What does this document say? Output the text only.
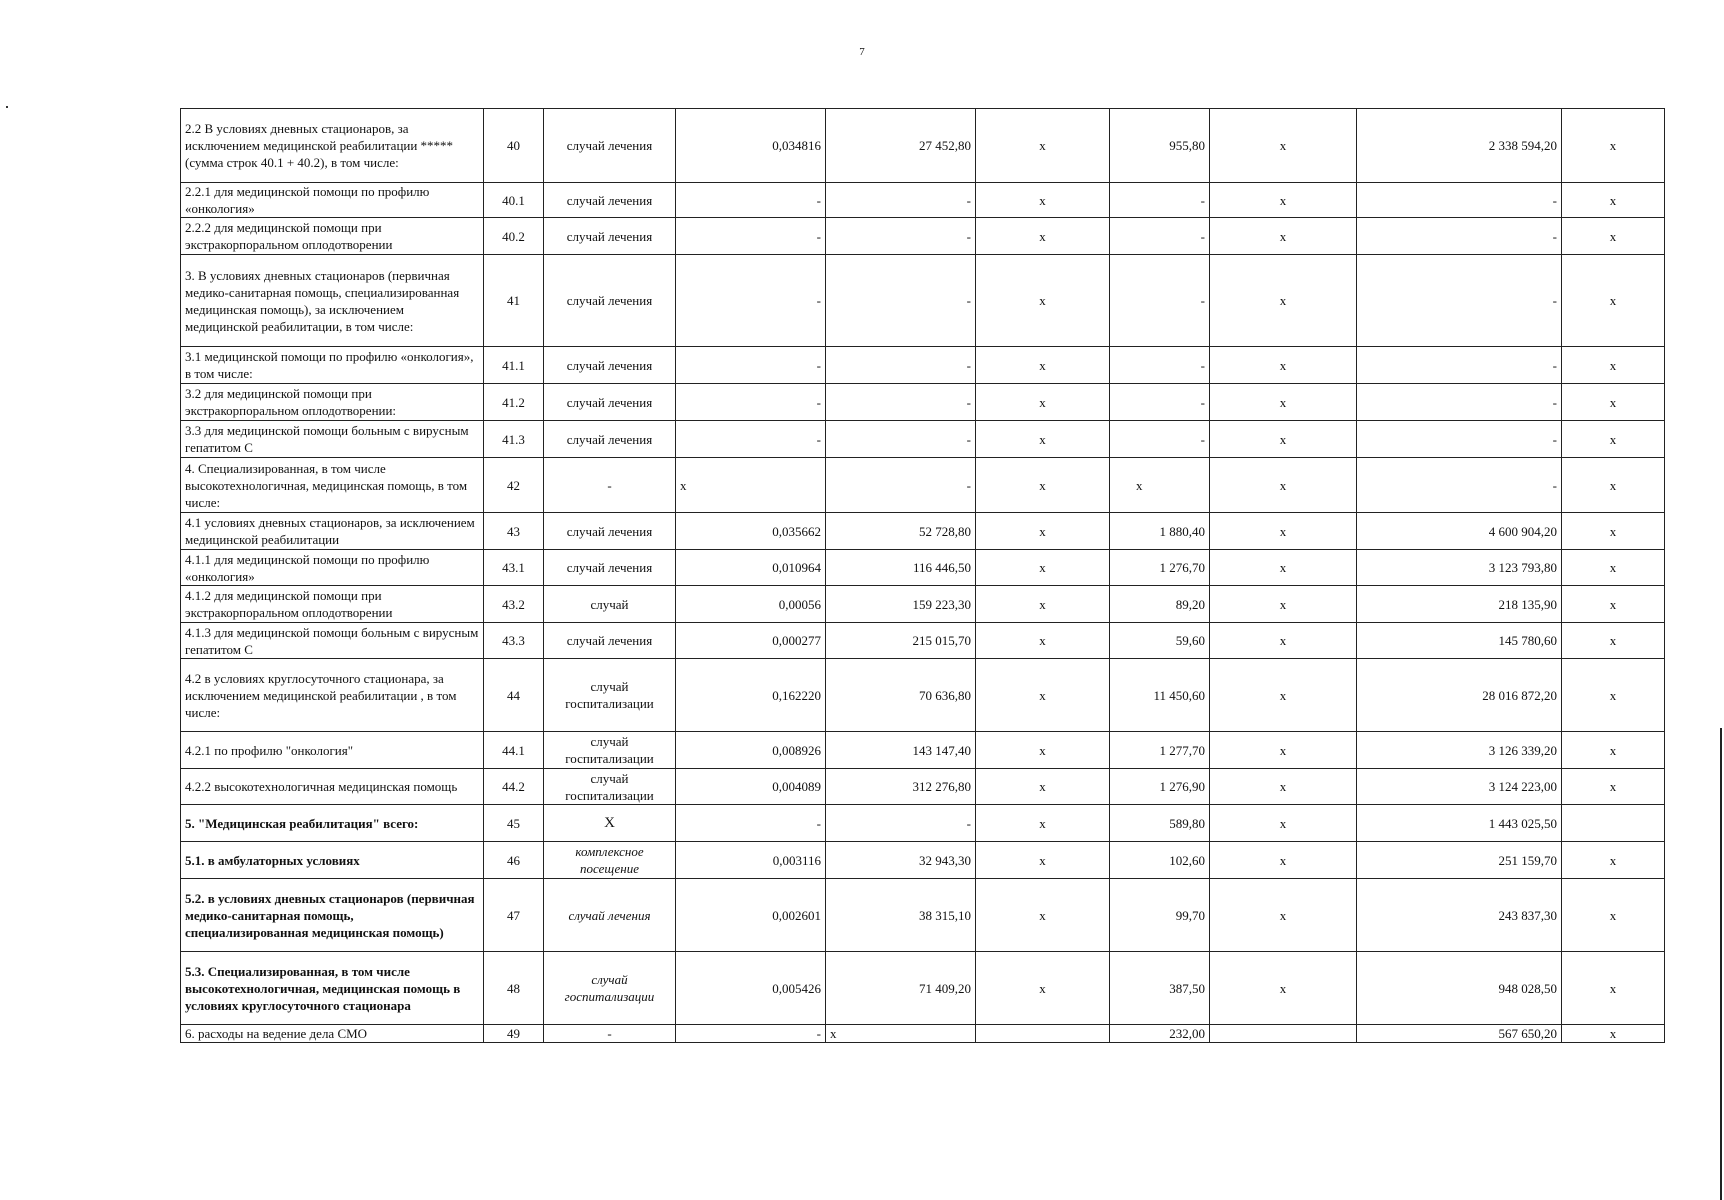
7
2.2 В условиях дневных стационаров, за исключением медицинской реабилитации ***** (сумма строк 40.1 + 40.2), в том числе:	40	случай лечения	0,034816	27 452,80	х	955,80	х	2 338 594,20	х
2.2.1 для медицинской помощи по профилю «онкология»	40.1	случай лечения	-	-	х	-	х	-	х
2.2.2 для медицинской помощи при экстракорпоральном оплодотворении	40.2	случай лечения	-	-	х	-	х	-	х
3. В условиях дневных стационаров (первичная медико-санитарная помощь, специализированная медицинская помощь), за исключением медицинской реабилитации, в том числе:	41	случай лечения	-	-	х	-	х	-	х
3.1 медицинской помощи по профилю «онкология», в том числе:	41.1	случай лечения	-	-	х	-	х	-	х
3.2 для медицинской помощи при экстракорпоральном оплодотворении:	41.2	случай лечения	-	-	х	-	х	-	х
3.3 для медицинской помощи больным с вирусным гепатитом С	41.3	случай лечения	-	-	х	-	х	-	х
4. Специализированная, в том числе высокотехнологичная, медицинская помощь, в том числе:	42	-	х	-	х	х	х	-	х
4.1 условиях дневных стационаров, за исключением медицинской реабилитации	43	случай лечения	0,035662	52 728,80	х	1 880,40	х	4 600 904,20	х
4.1.1 для медицинской помощи по профилю «онкология»	43.1	случай лечения	0,010964	116 446,50	х	1 276,70	х	3 123 793,80	х
4.1.2 для медицинской помощи при экстракорпоральном оплодотворении	43.2	случай	0,00056	159 223,30	х	89,20	х	218 135,90	х
4.1.3 для медицинской помощи больным с вирусным гепатитом С	43.3	случай лечения	0,000277	215 015,70	х	59,60	х	145 780,60	х
4.2 в условиях круглосуточного стационара, за исключением медицинской реабилитации , в том числе:	44	случай госпитализации	0,162220	70 636,80	х	11 450,60	х	28 016 872,20	х
4.2.1 по профилю "онкология"	44.1	случай госпитализации	0,008926	143 147,40	х	1 277,70	х	3 126 339,20	х
4.2.2 высокотехнологичная медицинская помощь	44.2	случай госпитализации	0,004089	312 276,80	х	1 276,90	х	3 124 223,00	х
5. "Медицинская реабилитация" всего:	45	Х	-	-	х	589,80	х	1 443 025,50	
5.1. в амбулаторных условиях	46	комплексное посещение	0,003116	32 943,30	х	102,60	х	251 159,70	х
5.2. в условиях дневных стационаров (первичная медико-санитарная помощь, специализированная медицинская помощь)	47	случай лечения	0,002601	38 315,10	х	99,70	х	243 837,30	х
5.3. Специализированная, в том числе высокотехнологичная, медицинская помощь в условиях круглосуточного стационара	48	случай госпитализации	0,005426	71 409,20	х	387,50	х	948 028,50	х
6. расходы на ведение дела СМО	49	-	-	х		232,00		567 650,20	х
